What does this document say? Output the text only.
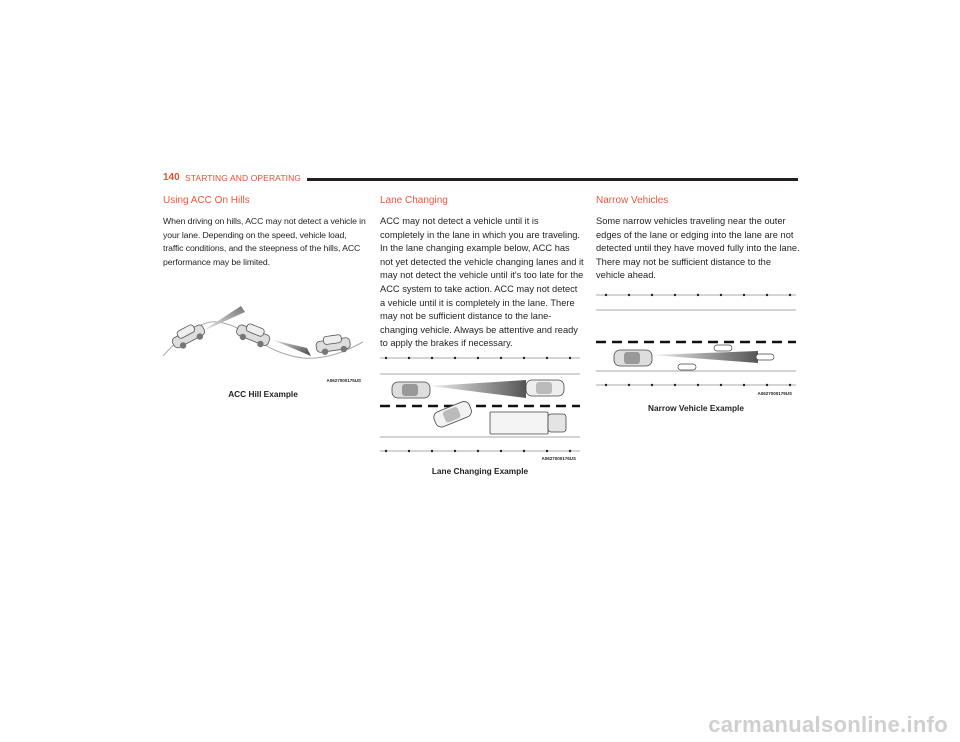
140 STARTING AND OPERATING
Using ACC On Hills

When driving on hills, ACC may not detect a vehicle in your lane. Depending on the speed, vehicle load, traffic conditions, and the steepness of the hills, ACC performance may be limited.

A0627000175US
ACC Hill Example
Lane Changing

ACC may not detect a vehicle until it is completely in the lane in which you are traveling. In the lane changing example below, ACC has not yet detected the vehicle changing lanes and it may not detect the vehicle until it's too late for the ACC system to take action. ACC may not detect a vehicle until it is completely in the lane. There may not be sufficient distance to the lane-changing vehicle. Always be attentive and ready to apply the brakes if necessary.

A0627000176US
Lane Changing Example
Narrow Vehicles

Some narrow vehicles traveling near the outer edges of the lane or edging into the lane are not detected until they have moved fully into the lane. There may not be sufficient distance to the vehicle ahead.

A0627000179US
Narrow Vehicle Example
carmanualsonline.info
